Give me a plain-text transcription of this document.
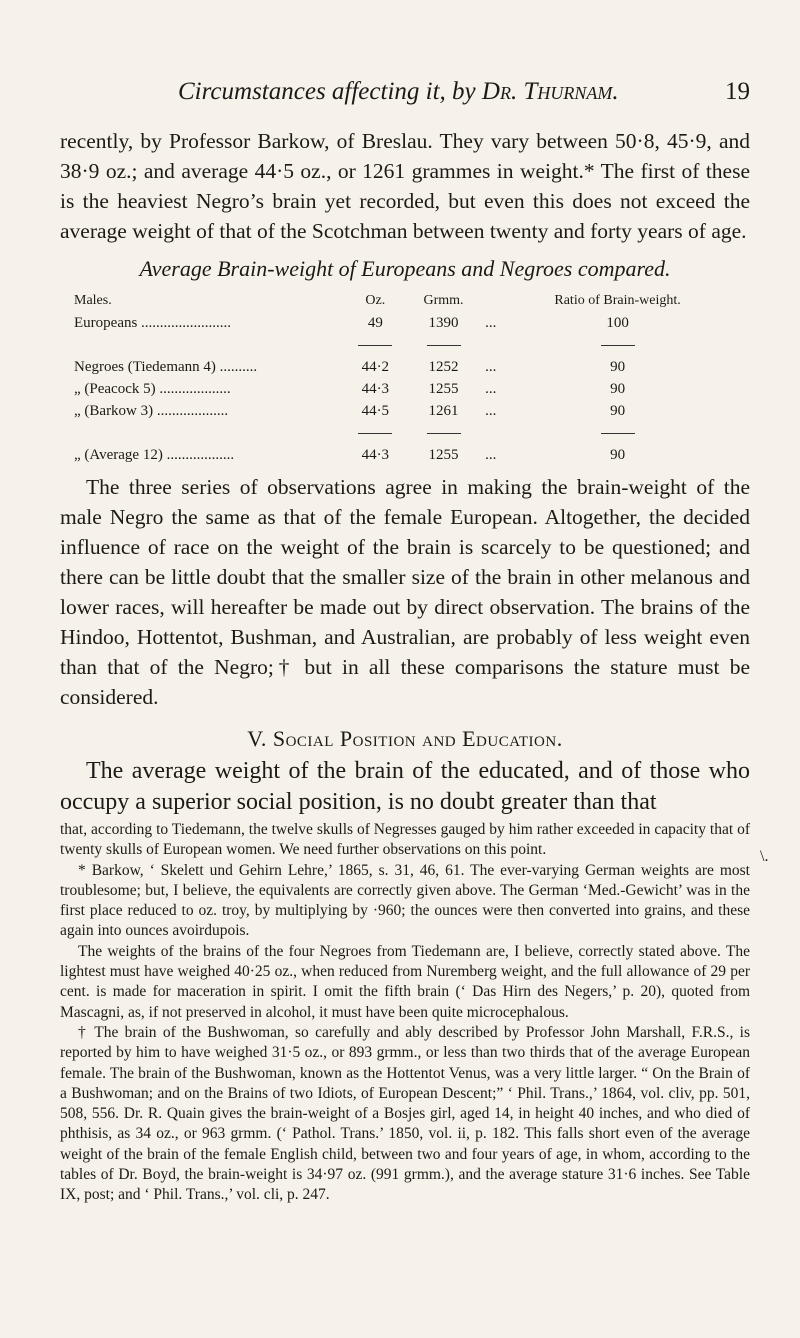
Circumstances affecting it, by Dr. Thurnam.	19

recently, by Professor Barkow, of Breslau. They vary between 50·8, 45·9, and 38·9 oz.; and average 44·5 oz., or 1261 grammes in weight.* The first of these is the heaviest Negro’s brain yet recorded, but even this does not exceed the average weight of that of the Scotchman between twenty and forty years of age.

Average Brain-weight of Europeans and Negroes compared.
Males.	Oz.	Grmm.		Ratio of Brain-weight.
Europeans ........................	49	1390	...	100

Negroes (Tiedemann 4) ..........	44·2	1252	...	90
„ (Peacock 5) ...................	44·3	1255	...	90
„ (Barkow 3) ...................	44·5	1261	...	90

„ (Average 12) ..................	44·3	1255	...	90

The three series of observations agree in making the brain-weight of the male Negro the same as that of the female European. Altogether, the decided influence of race on the weight of the brain is scarcely to be questioned; and there can be little doubt that the smaller size of the brain in other melanous and lower races, will hereafter be made out by direct observation. The brains of the Hindoo, Hottentot, Bushman, and Australian, are probably of less weight even than that of the Negro;† but in all these comparisons the stature must be considered.

V. Social Position and Education.

The average weight of the brain of the educated, and of those who occupy a superior social position, is no doubt greater than that

that, according to Tiedemann, the twelve skulls of Negresses gauged by him rather exceeded in capacity that of twenty skulls of European women. We need further observations on this point.

* Barkow, ‘ Skelett und Gehirn Lehre,’ 1865, s. 31, 46, 61. The ever-varying German weights are most troublesome; but, I believe, the equivalents are correctly given above. The German ‘Med.-Gewicht’ was in the first place reduced to oz. troy, by multiplying by ·960; the ounces were then converted into grains, and these again into ounces avoirdupois.

The weights of the brains of the four Negroes from Tiedemann are, I believe, correctly stated above. The lightest must have weighed 40·25 oz., when reduced from Nuremberg weight, and the full allowance of 29 per cent. is made for maceration in spirit. I omit the fifth brain (‘ Das Hirn des Negers,’ p. 20), quoted from Mascagni, as, if not preserved in alcohol, it must have been quite microcephalous.

† The brain of the Bushwoman, so carefully and ably described by Professor John Marshall, F.R.S., is reported by him to have weighed 31·5 oz., or 893 grmm., or less than two thirds that of the average European female. The brain of the Bushwoman, known as the Hottentot Venus, was a very little larger. “ On the Brain of a Bushwoman; and on the Brains of two Idiots, of European Descent;” ‘ Phil. Trans.,’ 1864, vol. cliv, pp. 501, 508, 556. Dr. R. Quain gives the brain-weight of a Bosjes girl, aged 14, in height 40 inches, and who died of phthisis, as 34 oz., or 963 grmm. (‘ Pathol. Trans.’ 1850, vol. ii, p. 182. This falls short even of the average weight of the brain of the female English child, between two and four years of age, in whom, according to the tables of Dr. Boyd, the brain-weight is 34·97 oz. (991 grmm.), and the average stature 31·6 inches. See Table IX, post; and ‘ Phil. Trans.,’ vol. cli, p. 247.

\.
